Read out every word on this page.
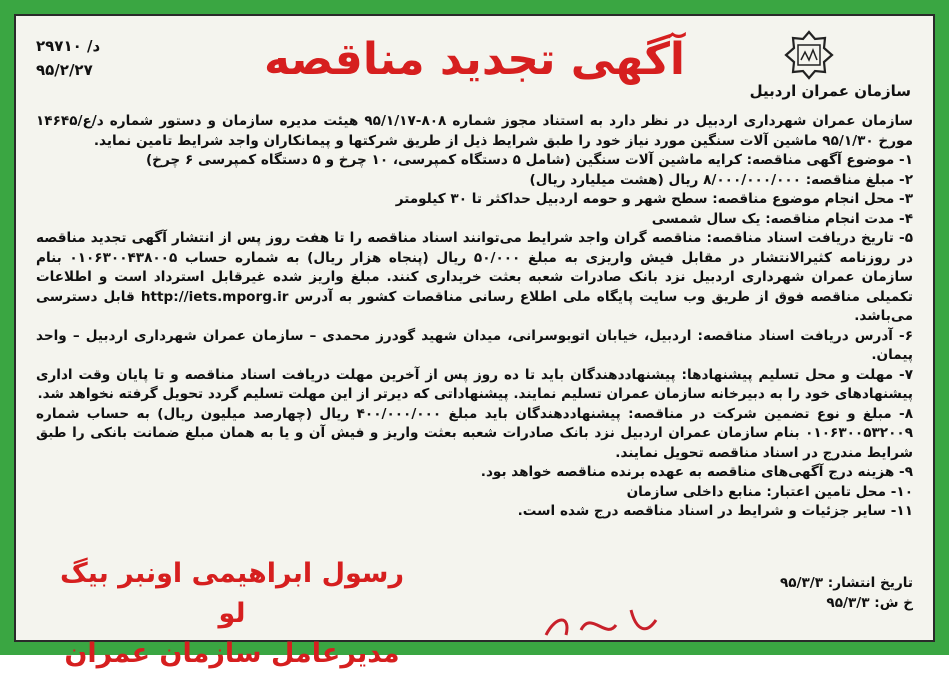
سازمان عمران اردبیل
آگهی تجدید مناقصه
د/ ۲۹۷۱۰
۹۵/۲/۲۷

سازمان عمران شهرداری اردبیل در نظر دارد به استناد مجوز شماره ۸۰۸-۹۵/۱/۱۷ هیئت مدیره سازمان و دستور شماره د/ع/۱۴۶۴۵ مورخ ۹۵/۱/۳۰ ماشین آلات سنگین مورد نیاز خود را طبق شرایط ذیل از طریق شرکتها و پیمانکاران واجد شرایط تامین نماید.

۱- موضوع آگهی مناقصه: کرایه ماشین آلات سنگین (شامل ۵ دستگاه کمپرسی، ۱۰ چرخ و ۵ دستگاه کمپرسی ۶ چرخ)

۲- مبلغ مناقصه: ۸/۰۰۰/۰۰۰/۰۰۰ ریال (هشت میلیارد ریال)

۳- محل انجام موضوع مناقصه: سطح شهر و حومه اردبیل حداکثر تا ۳۰ کیلومتر

۴- مدت انجام مناقصه: یک سال شمسی

۵- تاریخ دریافت اسناد مناقصه: مناقصه گران واجد شرایط می‌توانند اسناد مناقصه را تا هفت روز پس از انتشار آگهی تجدید مناقصه در روزنامه کثیرالانتشار در مقابل فیش واریزی به مبلغ ۵۰/۰۰۰ ریال (پنجاه هزار ریال) به شماره حساب ۰۱۰۶۳۰۰۴۳۸۰۰۵ بنام سازمان عمران شهرداری اردبیل نزد بانک صادرات شعبه بعثت خریداری کنند. مبلغ واریز شده غیرقابل استرداد است و اطلاعات تکمیلی مناقصه فوق از طریق وب سایت پایگاه ملی اطلاع رسانی مناقصات کشور به آدرس http://iets.mporg.ir قابل دسترسی می‌باشد.

۶- آدرس دریافت اسناد مناقصه: اردبیل، خیابان اتوبوسرانی، میدان شهید گودرز محمدی – سازمان عمران شهرداری اردبیل – واحد پیمان.

۷- مهلت و محل تسلیم پیشنهادها: پیشنهاددهندگان باید تا ده روز پس از آخرین مهلت دریافت اسناد مناقصه و تا پایان وقت اداری پیشنهادهای خود را به دبیرخانه سازمان عمران تسلیم نمایند. پیشنهاداتی که دیرتر از این مهلت تسلیم گردد تحویل گرفته نخواهد شد.

۸- مبلغ و نوع تضمین شرکت در مناقصه: پیشنهاددهندگان باید مبلغ ۴۰۰/۰۰۰/۰۰۰ ریال (چهارصد میلیون ریال) به حساب شماره ۰۱۰۶۳۰۰۵۳۲۰۰۹ بنام سازمان عمران اردبیل نزد بانک صادرات شعبه بعثت واریز و فیش آن و یا به همان مبلغ ضمانت بانکی را طبق شرایط مندرج در اسناد مناقصه تحویل نمایند.

۹- هزینه درج آگهی‌های مناقصه به عهده برنده مناقصه خواهد بود.

۱۰- محل تامین اعتبار: منابع داخلی سازمان

۱۱- سایر جزئیات و شرایط در اسناد مناقصه درج شده است.

رسول ابراهیمی اونبر بیگ لو
مدیرعامل سازمان عمران
تاریخ انتشار: ۹۵/۳/۳
خ ش: ۹۵/۳/۳
